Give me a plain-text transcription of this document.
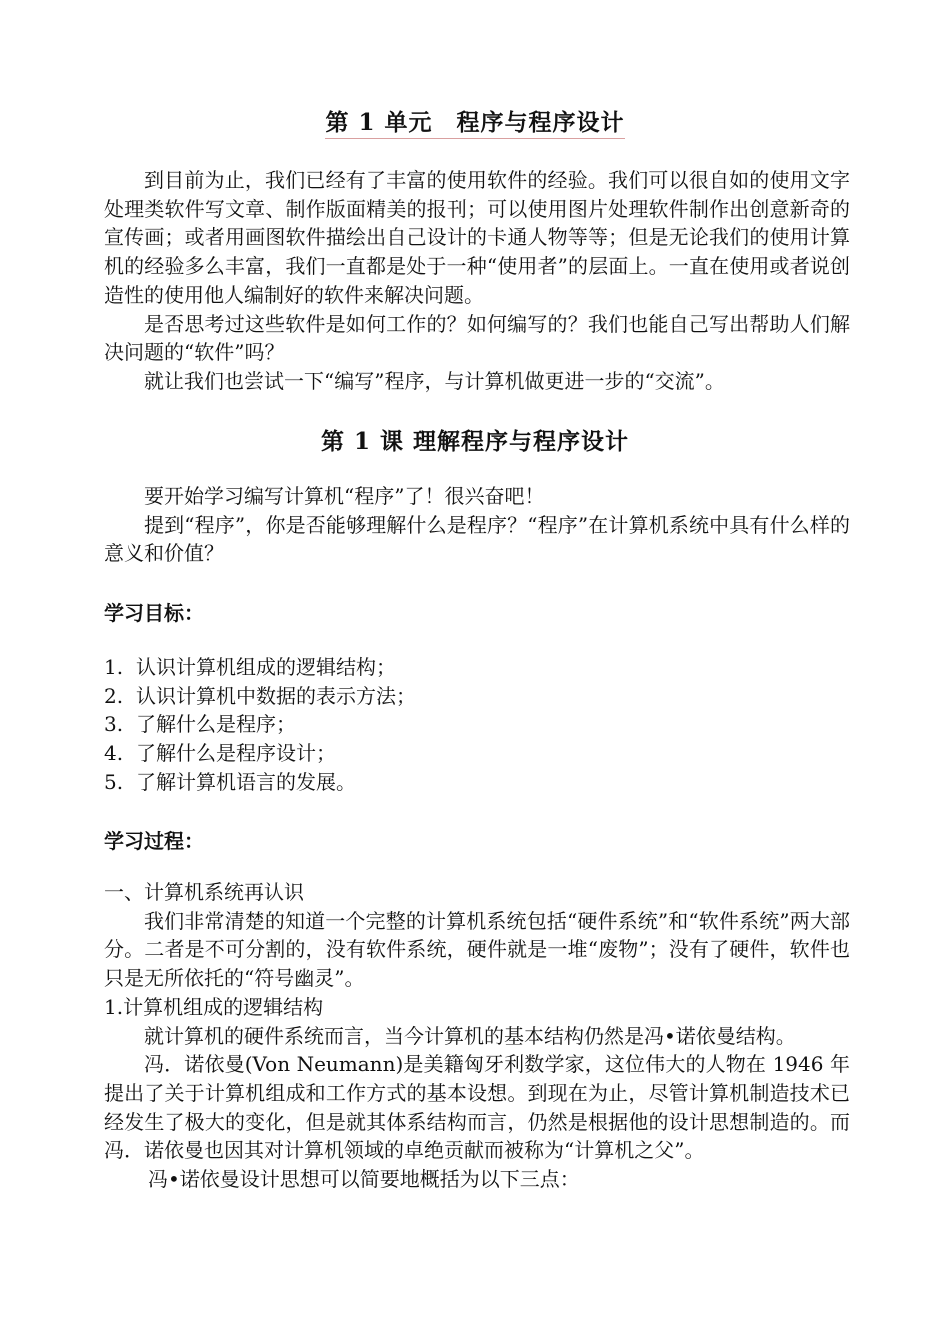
第 1 单元　程序与程序设计

到目前为止，我们已经有了丰富的使用软件的经验。我们可以很自如的使用文字处理类软件写文章、制作版面精美的报刊；可以使用图片处理软件制作出创意新奇的宣传画；或者用画图软件描绘出自己设计的卡通人物等等；但是无论我们的使用计算机的经验多么丰富，我们一直都是处于一种“使用者”的层面上。一直在使用或者说创造性的使用他人编制好的软件来解决问题。

是否思考过这些软件是如何工作的？如何编写的？我们也能自己写出帮助人们解决问题的“软件”吗？

就让我们也尝试一下“编写”程序，与计算机做更进一步的“交流”。

第 1 课 理解程序与程序设计

要开始学习编写计算机“程序”了！很兴奋吧！

提到“程序”，你是否能够理解什么是程序？“程序”在计算机系统中具有什么样的意义和价值？

学习目标：
1. 认识计算机组成的逻辑结构；
2. 认识计算机中数据的表示方法；
3. 了解什么是程序；
4. 了解什么是程序设计；
5. 了解计算机语言的发展。
学习过程：

一、计算机系统再认识

我们非常清楚的知道一个完整的计算机系统包括“硬件系统”和“软件系统”两大部分。二者是不可分割的，没有软件系统，硬件就是一堆“废物”；没有了硬件，软件也只是无所依托的“符号幽灵”。

1.计算机组成的逻辑结构

就计算机的硬件系统而言，当今计算机的基本结构仍然是冯•诺依曼结构。

冯．诺依曼(Von Neumann)是美籍匈牙利数学家，这位伟大的人物在 1946 年提出了关于计算机组成和工作方式的基本设想。到现在为止，尽管计算机制造技术已经发生了极大的变化，但是就其体系结构而言，仍然是根据他的设计思想制造的。而冯．诺依曼也因其对计算机领域的卓绝贡献而被称为“计算机之父”。

冯•诺依曼设计思想可以简要地概括为以下三点：
